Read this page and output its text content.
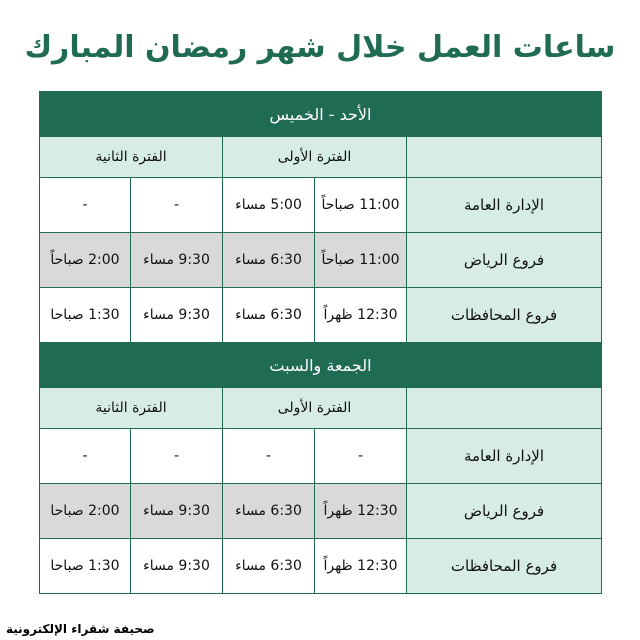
ساعات العمل خلال شهر رمضان المبارك
الأحد - الخميس				
	الفترة الأولى		الفترة الثانية	
الإدارة العامة	11:00 صباحاً	5:00 مساء	-	-
فروع الرياض	11:00 صباحاً	6:30 مساء	9:30 مساء	2:00 صباحاً
فروع المحافظات	12:30 ظهراً	6:30 مساء	9:30 مساء	1:30 صباحا
الجمعة والسبت				
	الفترة الأولى		الفترة الثانية	
الإدارة العامة	-	-	-	-
فروع الرياض	12:30 ظهراً	6:30 مساء	9:30 مساء	2:00 صباحا
فروع المحافظات	12:30 ظهراً	6:30 مساء	9:30 مساء	1:30 صباحا
صحيفة شقراء الإلكترونية
